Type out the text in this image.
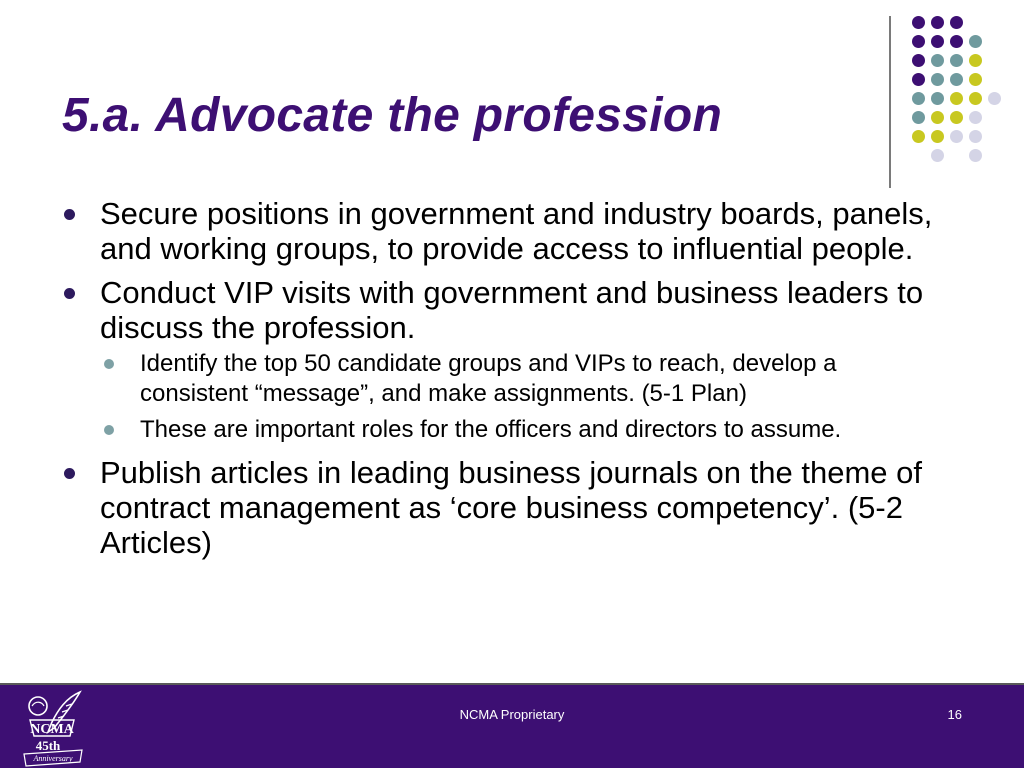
5.a. Advocate the profession
Secure positions in government and industry boards, panels, and working groups, to provide access to influential people.
Conduct VIP visits with government and business leaders to discuss the profession.
Identify the top 50 candidate groups and VIPs to reach, develop a consistent “message”, and make assignments. (5-1 Plan)
These are important roles for the officers and directors to assume.
Publish articles in leading business journals on the theme of contract management as ‘core business competency’. (5-2 Articles)
NCMA
45th
Anniversary
NCMA Proprietary	16
